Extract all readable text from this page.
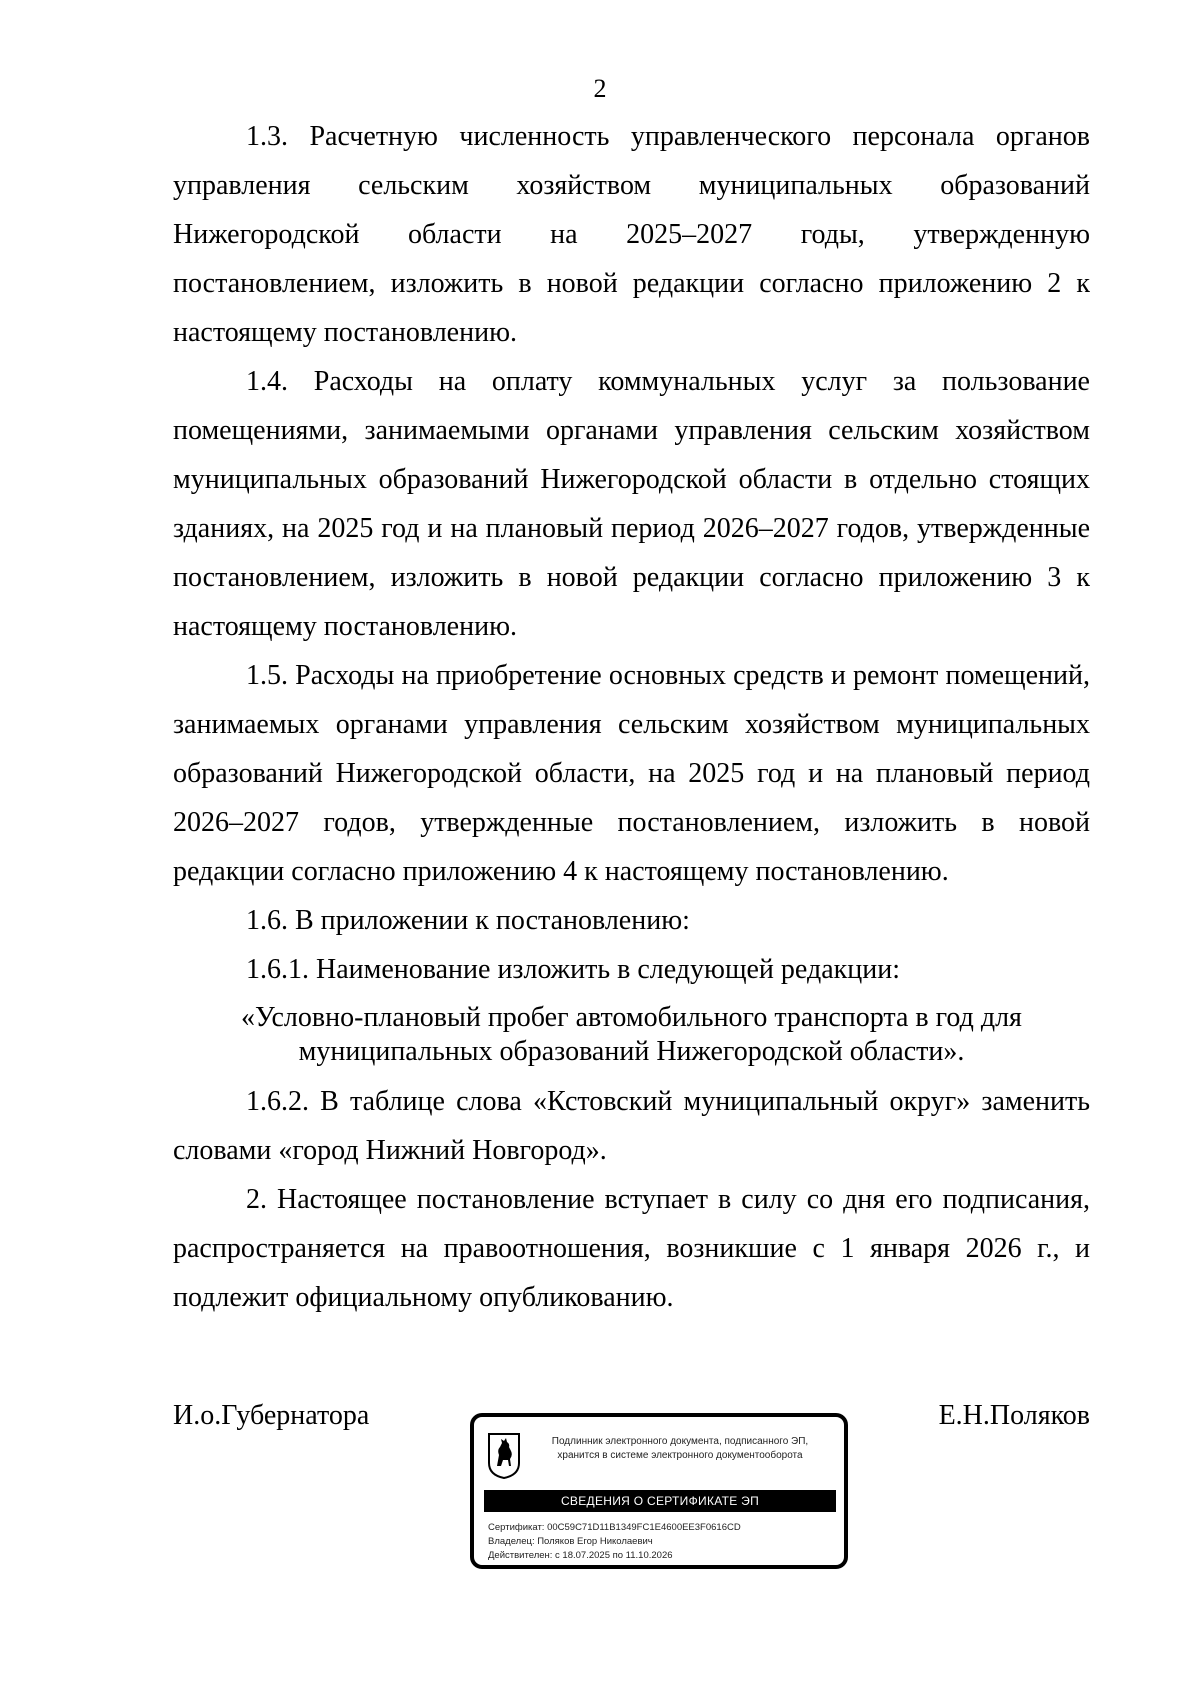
2

1.3. Расчетную численность управленческого персонала органов управления сельским хозяйством муниципальных образований Нижегородской области на 2025–2027 годы, утвержденную постановлением, изложить в новой редакции согласно приложению 2 к настоящему постановлению.

1.4. Расходы на оплату коммунальных услуг за пользование помещениями, занимаемыми органами управления сельским хозяйством муниципальных образований Нижегородской области в отдельно стоящих зданиях, на 2025 год и на плановый период 2026–2027 годов, утвержденные постановлением, изложить в новой редакции согласно приложению 3 к настоящему постановлению.

1.5. Расходы на приобретение основных средств и ремонт помещений, занимаемых органами управления сельским хозяйством муниципальных образований Нижегородской области, на 2025 год и на плановый период 2026–2027 годов, утвержденные постановлением, изложить в новой редакции согласно приложению 4 к настоящему постановлению.

1.6. В приложении к постановлению:

1.6.1. Наименование изложить в следующей редакции:

«Условно-плановый пробег автомобильного транспорта в год для
муниципальных образований Нижегородской области».

1.6.2. В таблице слова «Кстовский муниципальный округ» заменить словами «город Нижний Новгород».

2. Настоящее постановление вступает в силу со дня его подписания, распространяется на правоотношения, возникшие с 1 января 2026 г., и подлежит официальному опубликованию.

И.о.Губернатора	Е.Н.Поляков
Подлинник электронного документа, подписанного ЭП,
хранится в системе электронного документооборота
СВЕДЕНИЯ О СЕРТИФИКАТЕ ЭП
Сертификат: 00C59C71D11B1349FC1E4600EE3F0616CD
Владелец: Поляков Егор Николаевич
Действителен: с 18.07.2025 по 11.10.2026
